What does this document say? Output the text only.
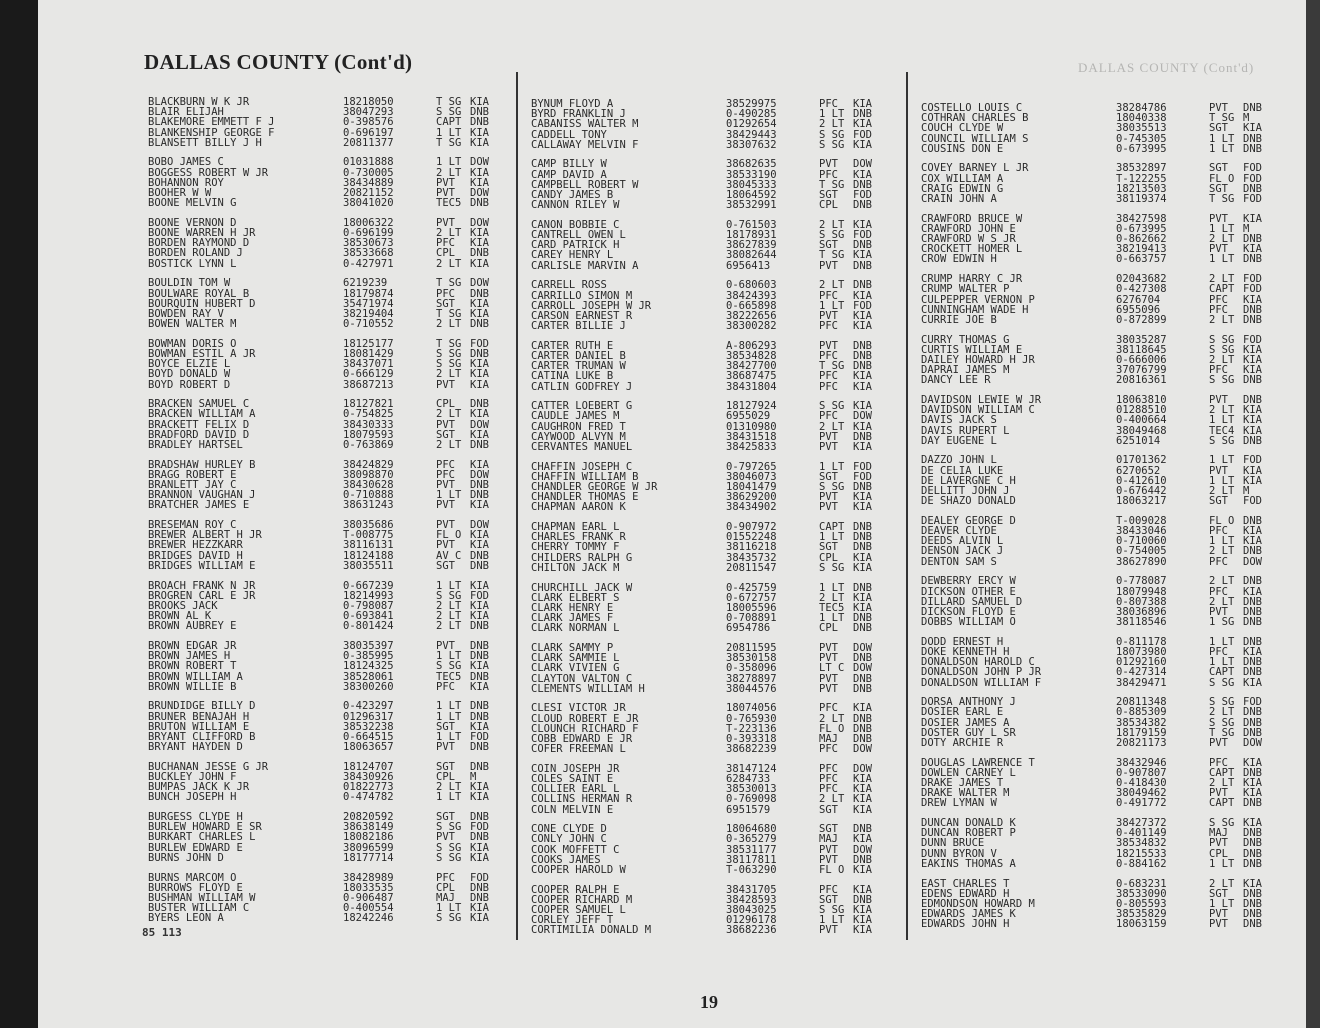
DALLAS COUNTY (Cont'd)
DALLAS COUNTY (Cont'd)
BLACKBURN W K JR	18218050	T SG KIA
BLAIR ELIJAH	38047293	S SG DNB
BLAKEMORE EMMETT F J	0-398576	CAPT DNB
BLANKENSHIP GEORGE F	0-696197	1 LT KIA
BLANSETT BILLY J H	20811377	T SG KIA
BOBO JAMES C	01031888	1 LT DOW
BOGGESS ROBERT W JR	0-730005	2 LT KIA
BOHANNON ROY	38434889	PVT KIA
BOOHER W W	20821152	PVT DOW
BOONE MELVIN G	38041020	TEC5 DNB
BOONE VERNON D	18006322	PVT DOW
BOONE WARREN H JR	0-696199	2 LT KIA
BORDEN RAYMOND D	38530673	PFC KIA
BORDEN ROLAND J	38533668	CPL DNB
BOSTICK LYNN L	0-427971	2 LT KIA
BOULDIN TOM W	6219239	T SG DOW
BOULWARE ROYAL B	18179874	PFC DNB
BOURQUIN HUBERT D	35471974	SGT KIA
BOWDEN RAY V	38219404	T SG KIA
BOWEN WALTER M	0-710552	2 LT DNB
BOWMAN DORIS O	18125177	T SG FOD
BOWMAN ESTIL A JR	18081429	S SG DNB
BOYCE ELZIE L	38437071	S SG KIA
BOYD DONALD W	0-666129	2 LT KIA
BOYD ROBERT D	38687213	PVT KIA
BRACKEN SAMUEL C	18127821	CPL DNB
BRACKEN WILLIAM A	0-754825	2 LT KIA
BRACKETT FELIX D	38430333	PVT DOW
BRADFORD DAVID D	18079593	SGT KIA
BRADLEY HARTSEL	0-763869	2 LT DNB
BRADSHAW HURLEY B	38424829	PFC KIA
BRAGG ROBERT E	38098870	PFC DOW
BRANLETT JAY C	38430628	PVT DNB
BRANNON VAUGHAN J	0-710888	1 LT DNB
BRATCHER JAMES E	38631243	PVT KIA
BRESEMAN ROY C	38035686	PVT DOW
BREWER ALBERT H JR	T-008775	FL O KIA
BREWER HEZZKARR	38116131	PVT KIA
BRIDGES DAVID H	18124188	AV C DNB
BRIDGES WILLIAM E	38035511	SGT DNB
BROACH FRANK N JR	0-667239	1 LT KIA
BROGREN CARL E JR	18214993	S SG FOD
BROOKS JACK	0-798087	2 LT KIA
BROWN AL K	0-693841	2 LT KIA
BROWN AUBREY E	0-801424	2 LT DNB
BROWN EDGAR JR	38035397	PVT DNB
BROWN JAMES H	0-385995	1 LT DNB
BROWN ROBERT T	18124325	S SG KIA
BROWN WILLIAM A	38528061	TEC5 DNB
BROWN WILLIE B	38300260	PFC KIA
BRUNDIDGE BILLY D	0-423297	1 LT DNB
BRUNER BENAJAH H	01296317	1 LT DNB
BRUTON WILLIAM E	38532238	SGT KIA
BRYANT CLIFFORD B	0-664515	1 LT FOD
BRYANT HAYDEN D	18063657	PVT DNB
BUCHANAN JESSE G JR	18124707	SGT DNB
BUCKLEY JOHN F	38430926	CPL M
BUMPAS JACK K JR	01822773	2 LT KIA
BUNCH JOSEPH H	0-474782	1 LT KIA
BURGESS CLYDE H	20820592	SGT DNB
BURLEW HOWARD E SR	38638149	S SG FOD
BURKART CHARLES L	18082186	PVT DNB
BURLEW EDWARD E	38096599	S SG KIA
BURNS JOHN D	18177714	S SG KIA
BURNS MARCOM O	38428989	PFC FOD
BURROWS FLOYD E	18033535	CPL DNB
BUSHMAN WILLIAM W	0-906487	MAJ DNB
BUSTER WILLIAM C	0-400554	1 LT KIA
BYERS LEON A	18242246	S SG KIA
BYNUM FLOYD A	38529975	PFC KIA
BYRD FRANKLIN J	0-490285	1 LT DNB
CABANISS WALTER M	01292654	2 LT KIA
CADDELL TONY	38429443	S SG FOD
CALLAWAY MELVIN F	38307632	S SG KIA
CAMP BILLY W	38682635	PVT DOW
CAMP DAVID A	38533190	PFC KIA
CAMPBELL ROBERT W	38045333	T SG DNB
CANDY JAMES B	18064592	SGT FOD
CANNON RILEY W	38532991	CPL DNB
CANON BOBBIE C	0-761503	2 LT KIA
CANTRELL OWEN L	18178931	S SG FOD
CARD PATRICK H	38627839	SGT DNB
CAREY HENRY L	38082644	T SG KIA
CARLISLE MARVIN A	6956413	PVT DNB
CARRELL ROSS	0-680603	2 LT DNB
CARRILLO SIMON M	38424393	PFC KIA
CARROLL JOSEPH W JR	0-665898	1 LT FOD
CARSON EARNEST R	38222656	PVT KIA
CARTER BILLIE J	38300282	PFC KIA
CARTER RUTH E	A-806293	PVT DNB
CARTER DANIEL B	38534828	PFC DNB
CARTER TRUMAN W	38427700	T SG DNB
CATINA LUKE B	38687475	PFC KIA
CATLIN GODFREY J	38431804	PFC KIA
CATTER LOEBERT G	18127924	S SG KIA
CAUDLE JAMES M	6955029	PFC DOW
CAUGHRON FRED T	01310980	2 LT KIA
CAYWOOD ALVYN M	38431518	PVT DNB
CERVANTES MANUEL	38425833	PVT KIA
CHAFFIN JOSEPH C	0-797265	1 LT FOD
CHAFFIN WILLIAM B	38046073	SGT FOD
CHANDLER GEORGE W JR	18041479	S SG DNB
CHANDLER THOMAS E	38629200	PVT KIA
CHAPMAN AARON K	38434902	PVT KIA
CHAPMAN EARL L	0-907972	CAPT DNB
CHARLES FRANK R	01552248	1 LT DNB
CHERRY TOMMY F	38116218	SGT DNB
CHILDERS RALPH G	38435732	CPL KIA
CHILTON JACK M	20811547	S SG KIA
CHURCHILL JACK W	0-425759	1 LT DNB
CLARK ELBERT S	0-672757	2 LT KIA
CLARK HENRY E	18005596	TEC5 KIA
CLARK JAMES F	0-708891	1 LT DNB
CLARK NORMAN L	6954786	CPL DNB
CLARK SAMMY P	20811595	PVT DOW
CLARK SAMMIE L	38530158	PVT DNB
CLARK VIVIEN G	0-358096	LT C DOW
CLAYTON VALTON C	38278897	PVT DNB
CLEMENTS WILLIAM H	38044576	PVT DNB
CLESI VICTOR JR	18074056	PFC KIA
CLOUD ROBERT E JR	0-765930	2 LT DNB
CLOUNCH RICHARD F	T-223136	FL O DNB
COBB EDWARD E JR	0-393318	MAJ DNB
COFER FREEMAN L	38682239	PFC DOW
COIN JOSEPH JR	38147124	PFC DOW
COLES SAINT E	6284733	PFC KIA
COLLIER EARL L	38530013	PFC KIA
COLLINS HERMAN R	0-769098	2 LT KIA
COLN MELVIN E	6951579	SGT KIA
CONE CLYDE D	18064680	SGT DNB
CONLY JOHN C	0-365279	MAJ KIA
COOK MOFFETT C	38531177	PVT DOW
COOKS JAMES	38117811	PVT DNB
COOPER HAROLD W	T-063290	FL O KIA
COOPER RALPH E	38431705	PFC KIA
COOPER RICHARD M	38428593	SGT DNB
COOPER SAMUEL L	38043025	S SG KIA
CORLEY JEFF T	01296178	1 LT KIA
CORTIMILIA DONALD M	38682236	PVT KIA
COSTELLO LOUIS C	38284786	PVT DNB
COTHRAN CHARLES B	18040338	T SG M
COUCH CLYDE W	38035513	SGT KIA
COUNCIL WILLIAM S	0-745305	1 LT DNB
COUSINS DON E	0-673995	1 LT DNB
COVEY BARNEY L JR	38532897	SGT FOD
COX WILLIAM A	T-122255	FL O FOD
CRAIG EDWIN G	18213503	SGT DNB
CRAIN JOHN A	38119374	T SG FOD
CRAWFORD BRUCE W	38427598	PVT KIA
CRAWFORD JOHN E	0-673995	1 LT M
CRAWFORD W S JR	0-862662	2 LT DNB
CROCKETT HOMER L	38219413	PVT KIA
CROW EDWIN H	0-663757	1 LT DNB
CRUMP HARRY C JR	02043682	2 LT FOD
CRUMP WALTER P	0-427308	CAPT FOD
CULPEPPER VERNON P	6276704	PFC KIA
CUNNINGHAM WADE H	6955096	PFC DNB
CURRIE JOE B	0-872899	2 LT DNB
CURRY THOMAS G	38035287	S SG FOD
CURTIS WILLIAM E	38118645	S SG KIA
DAILEY HOWARD H JR	0-666006	2 LT KIA
DAPRAI JAMES M	37076799	PFC KIA
DANCY LEE R	20816361	S SG DNB
DAVIDSON LEWIE W JR	18063810	PVT DNB
DAVIDSON WILLIAM C	01288510	2 LT KIA
DAVIS JACK S	0-400664	1 LT KIA
DAVIS RUPERT L	38049468	TEC4 KIA
DAY EUGENE L	6251014	S SG DNB
DAZZO JOHN L	01701362	1 LT FOD
DE CELIA LUKE	6270652	PVT KIA
DE LAVERGNE C H	0-412610	1 LT KIA
DELLITT JOHN J	0-676442	2 LT M
DE SHAZO DONALD	18063217	SGT FOD
DEALEY GEORGE D	T-009028	FL O DNB
DEAVER CLYDE	38433046	PFC KIA
DEEDS ALVIN L	0-710060	1 LT KIA
DENSON JACK J	0-754005	2 LT DNB
DENTON SAM S	38627890	PFC DOW
DEWBERRY ERCY W	0-778087	2 LT DNB
DICKSON OTHER E	18079948	PFC KIA
DILLARD SAMUEL D	0-807388	2 LT DNB
DICKSON FLOYD E	38036896	PVT DNB
DOBBS WILLIAM O	38118546	1 SG DNB
DODD ERNEST H	0-811178	1 LT DNB
DOKE KENNETH H	18073980	PFC KIA
DONALDSON HAROLD C	01292160	1 LT DNB
DONALDSON JOHN P JR	0-427314	CAPT DNB
DONALDSON WILLIAM F	38429471	S SG KIA
DORSA ANTHONY J	20811348	S SG FOD
DOSIER EARL E	0-885309	2 LT DNB
DOSIER JAMES A	38534382	S SG DNB
DOSTER GUY L SR	18179159	T SG DNB
DOTY ARCHIE R	20821173	PVT DOW
DOUGLAS LAWRENCE T	38432946	PFC KIA
DOWLEN CARNEY L	0-907807	CAPT DNB
DRAKE JAMES T	0-418430	2 LT KIA
DRAKE WALTER M	38049462	PVT KIA
DREW LYMAN W	0-491772	CAPT DNB
DUNCAN DONALD K	38427372	S SG KIA
DUNCAN ROBERT P	0-401149	MAJ DNB
DUNN BRUCE	38534832	PVT DNB
DUNN BYRON V	18215533	CPL DNB
EAKINS THOMAS A	0-884162	1 LT DNB
EAST CHARLES T	0-683231	2 LT KIA
EDENS EDWARD H	38533090	SGT DNB
EDMONDSON HOWARD M	0-805593	1 LT DNB
EDWARDS JAMES K	38535829	PVT DNB
EDWARDS JOHN H	18063159	PVT DNB
85 113
19
